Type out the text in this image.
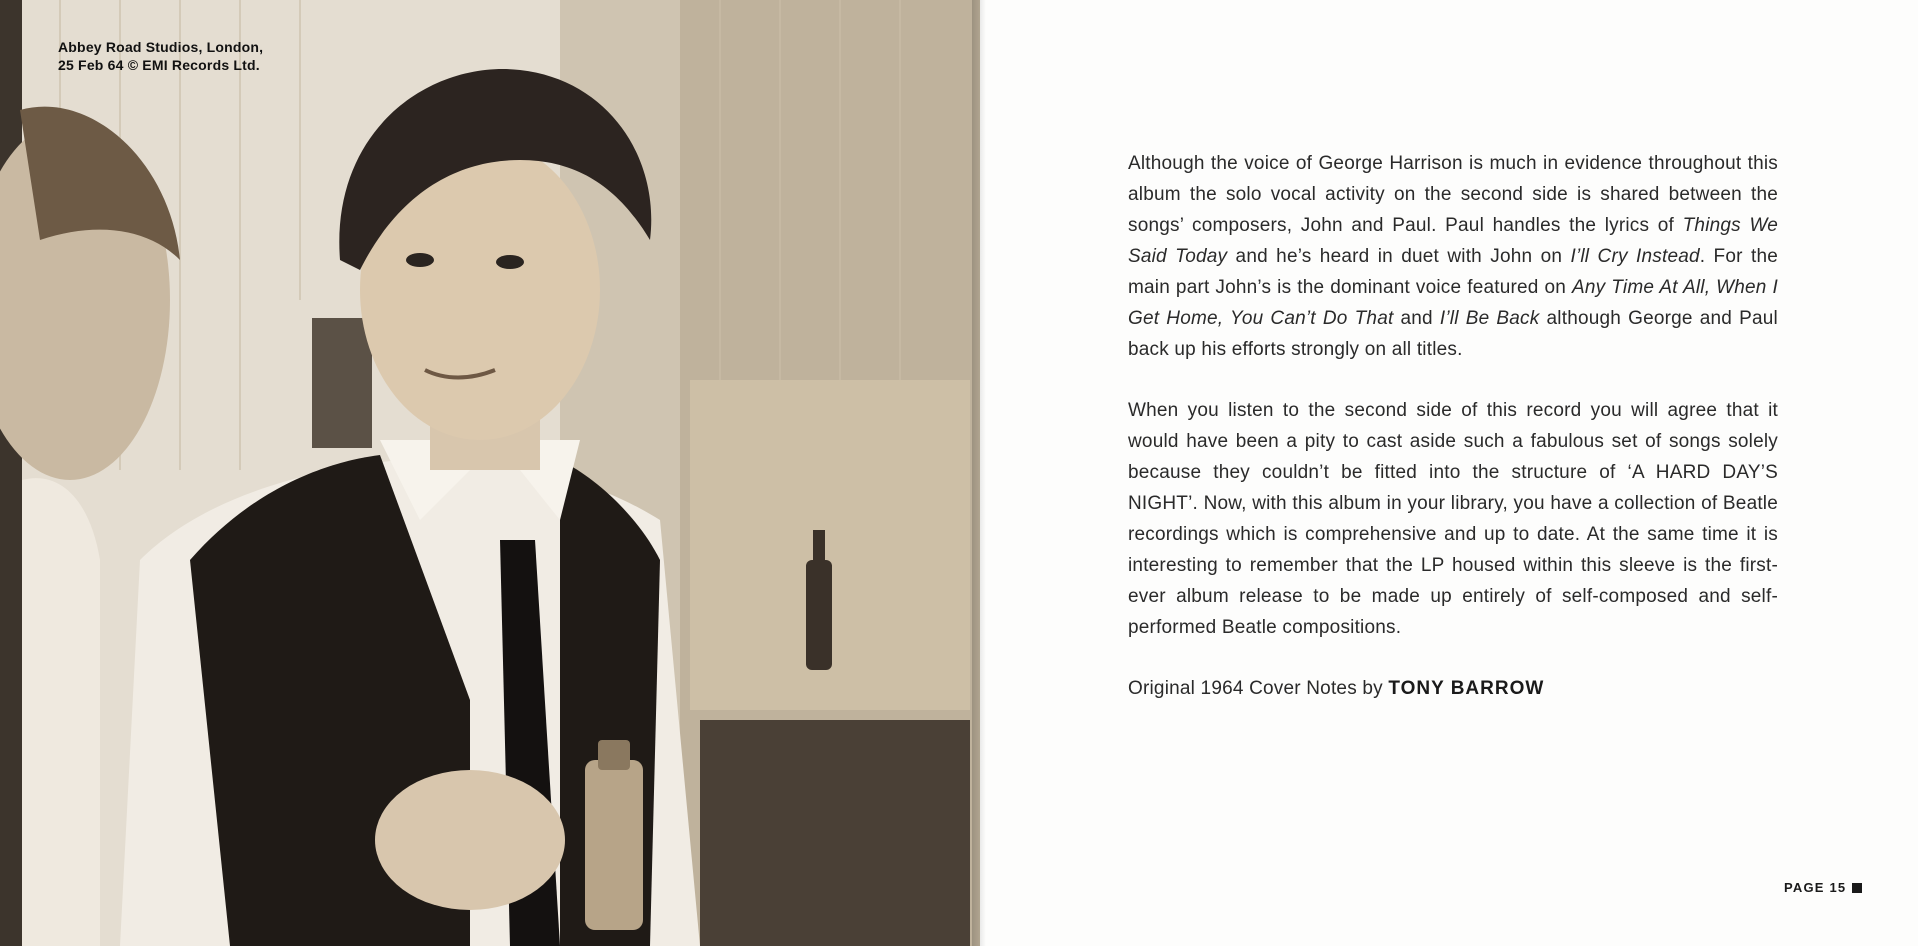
Abbey Road Studios, London,
25 Feb 64 © EMI Records Ltd.

Although the voice of George Harrison is much in evidence throughout this album the solo vocal activity on the second side is shared between the songs’ composers, John and Paul. Paul handles the lyrics of Things We Said Today and he’s heard in duet with John on I’ll Cry Instead. For the main part John’s is the dominant voice featured on Any Time At All, When I Get Home, You Can’t Do That and I’ll Be Back although George and Paul back up his efforts strongly on all titles.

When you listen to the second side of this record you will agree that it would have been a pity to cast aside such a fabulous set of songs solely because they couldn’t be fitted into the structure of ‘A HARD DAY’S NIGHT’. Now, with this album in your library, you have a collection of Beatle recordings which is comprehensive and up to date. At the same time it is interesting to remember that the LP housed within this sleeve is the first-ever album release to be made up entirely of self-composed and self-performed Beatle compositions.

Original 1964 Cover Notes by TONY BARROW

PAGE 15
